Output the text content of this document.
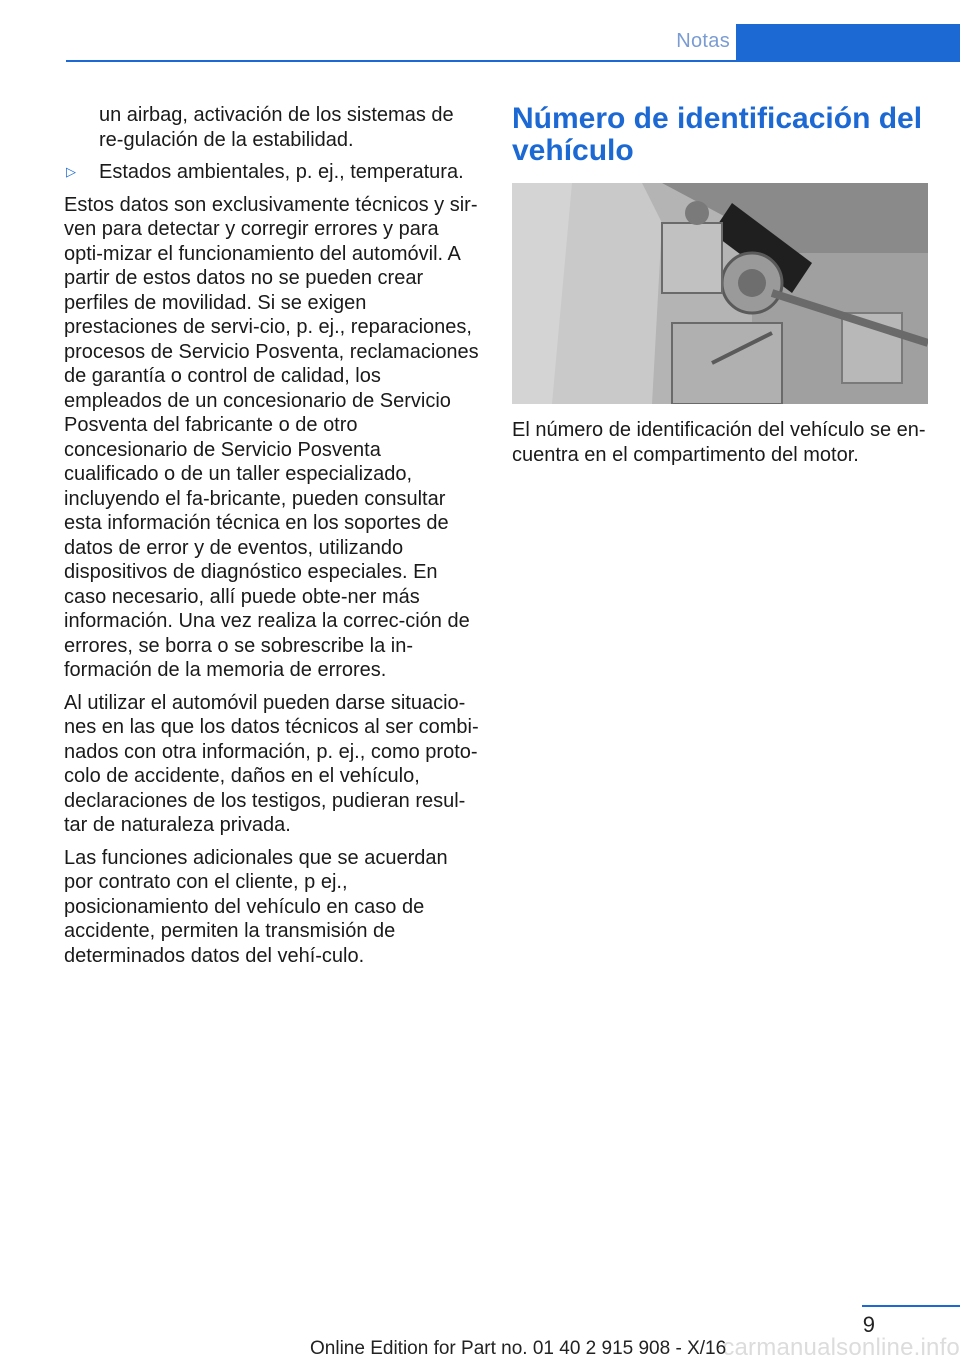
Notas

un airbag, activación de los sistemas de re-gulación de la estabilidad.

▷	Estados ambientales, p. ej., temperatura.

Estos datos son exclusivamente técnicos y sir-ven para detectar y corregir errores y para opti-mizar el funcionamiento del automóvil. A partir de estos datos no se pueden crear perfiles de movilidad. Si se exigen prestaciones de servi-cio, p. ej., reparaciones, procesos de Servicio Posventa, reclamaciones de garantía o control de calidad, los empleados de un concesionario de Servicio Posventa del fabricante o de otro concesionario de Servicio Posventa cualificado o de un taller especializado, incluyendo el fa-bricante, pueden consultar esta información técnica en los soportes de datos de error y de eventos, utilizando dispositivos de diagnóstico especiales. En caso necesario, allí puede obte-ner más información. Una vez realiza la correc-ción de errores, se borra o se sobrescribe la in-formación de la memoria de errores.

Al utilizar el automóvil pueden darse situacio-nes en las que los datos técnicos al ser combi-nados con otra información, p. ej., como proto-colo de accidente, daños en el vehículo, declaraciones de los testigos, pudieran resul-tar de naturaleza privada.

Las funciones adicionales que se acuerdan por contrato con el cliente, p ej., posicionamiento del vehículo en caso de accidente, permiten la transmisión de determinados datos del vehí-culo.

Número de identificación del vehículo

El número de identificación del vehículo se en-cuentra en el compartimento del motor.

9
carmanualsonline.info
Online Edition for Part no. 01 40 2 915 908 - X/16
